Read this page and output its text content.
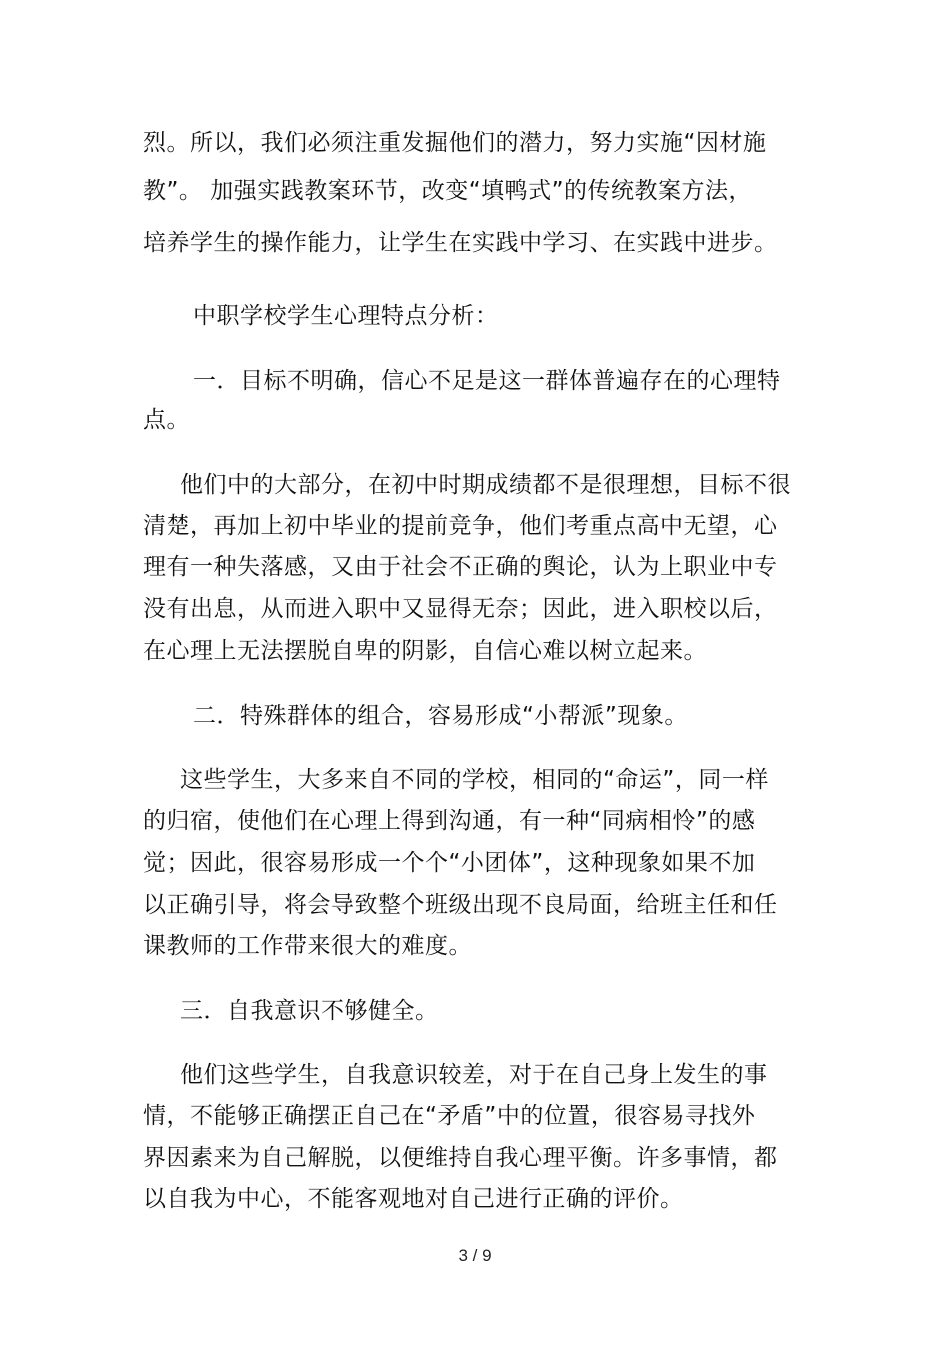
烈。所以，我们必须注重发掘他们的潜力，努力实施“因材施
教”。 加强实践教案环节，改变“填鸭式”的传统教案方法，
培养学生的操作能力，让学生在实践中学习、在实践中进步。
中职学校学生心理特点分析：
一．目标不明确，信心不足是这一群体普遍存在的心理特
点。
他们中的大部分，在初中时期成绩都不是很理想，目标不很
清楚，再加上初中毕业的提前竞争，他们考重点高中无望，心
理有一种失落感，又由于社会不正确的舆论，认为上职业中专
没有出息，从而进入职中又显得无奈；因此，进入职校以后，
在心理上无法摆脱自卑的阴影，自信心难以树立起来。
二．特殊群体的组合，容易形成“小帮派”现象。
这些学生，大多来自不同的学校，相同的“命运”，同一样
的归宿，使他们在心理上得到沟通，有一种“同病相怜”的感
觉；因此，很容易形成一个个“小团体”，这种现象如果不加
以正确引导，将会导致整个班级出现不良局面，给班主任和任
课教师的工作带来很大的难度。
三．自我意识不够健全。
他们这些学生，自我意识较差，对于在自己身上发生的事
情，不能够正确摆正自己在“矛盾”中的位置，很容易寻找外
界因素来为自己解脱，以便维持自我心理平衡。许多事情，都
以自我为中心，不能客观地对自己进行正确的评价。
3 / 9
